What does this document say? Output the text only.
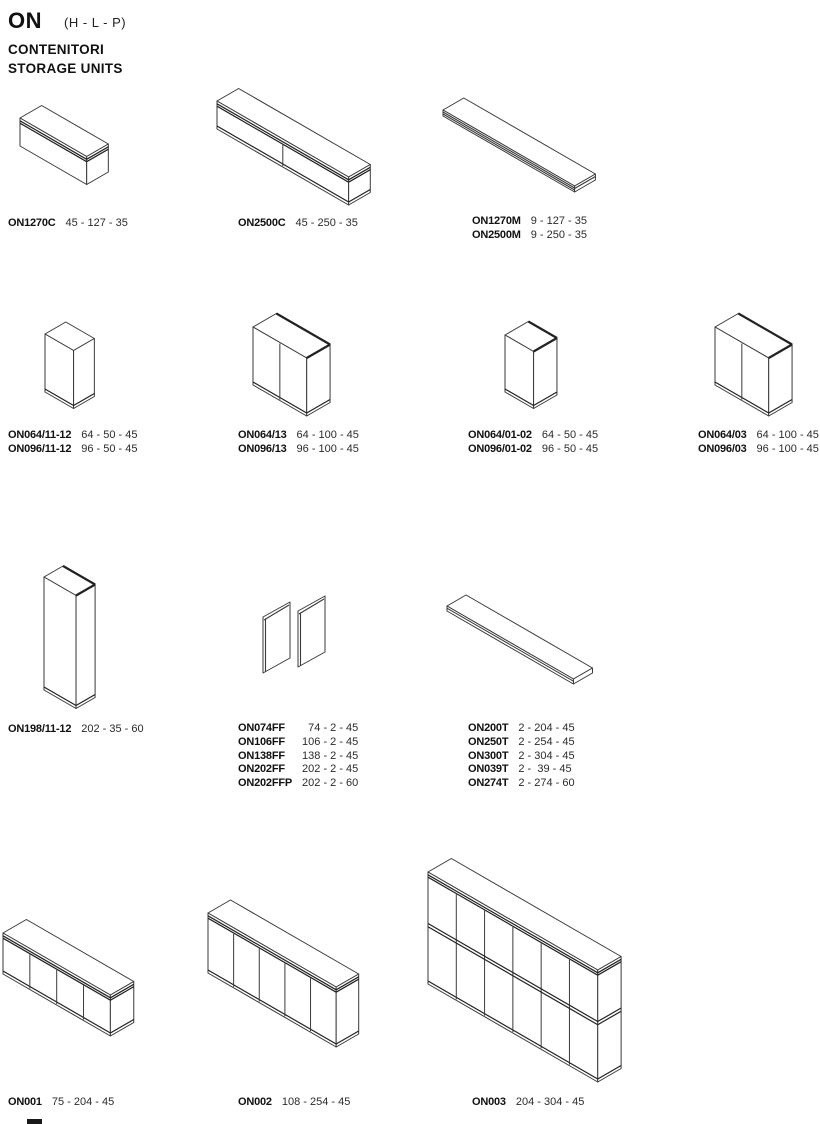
ON (H - L - P)
CONTENITORI
STORAGE UNITS
ON1270C	45 - 127 - 35	ON2500C	45 - 250 - 35	ON1270M	9 - 127 - 35
ON2500M	9 - 250 - 35
ON064/11-12	64 - 50 - 45
ON096/11-12	96 - 50 - 45
ON064/13	64 - 100 - 45
ON096/13	96 - 100 - 45
ON064/01-02	64 - 50 - 45
ON096/01-02	96 - 50 - 45
ON064/03	64 - 100 - 45
ON096/03	96 - 100 - 45
ON198/11-12	202 - 35 - 60	ON074FF	74 - 2 - 45
ON106FF	106 - 2 - 45
ON138FF	138 - 2 - 45
ON202FF	202 - 2 - 45
ON202FFP	202 - 2 - 60
ON200T	2 - 204 - 45
ON250T	2 - 254 - 45
ON300T	2 - 304 - 45
ON039T	2 -  39 - 45
ON274T	2 - 274 - 60
ON001	75 - 204 - 45	ON002	108 - 254 - 45	ON003	204 - 304 - 45
